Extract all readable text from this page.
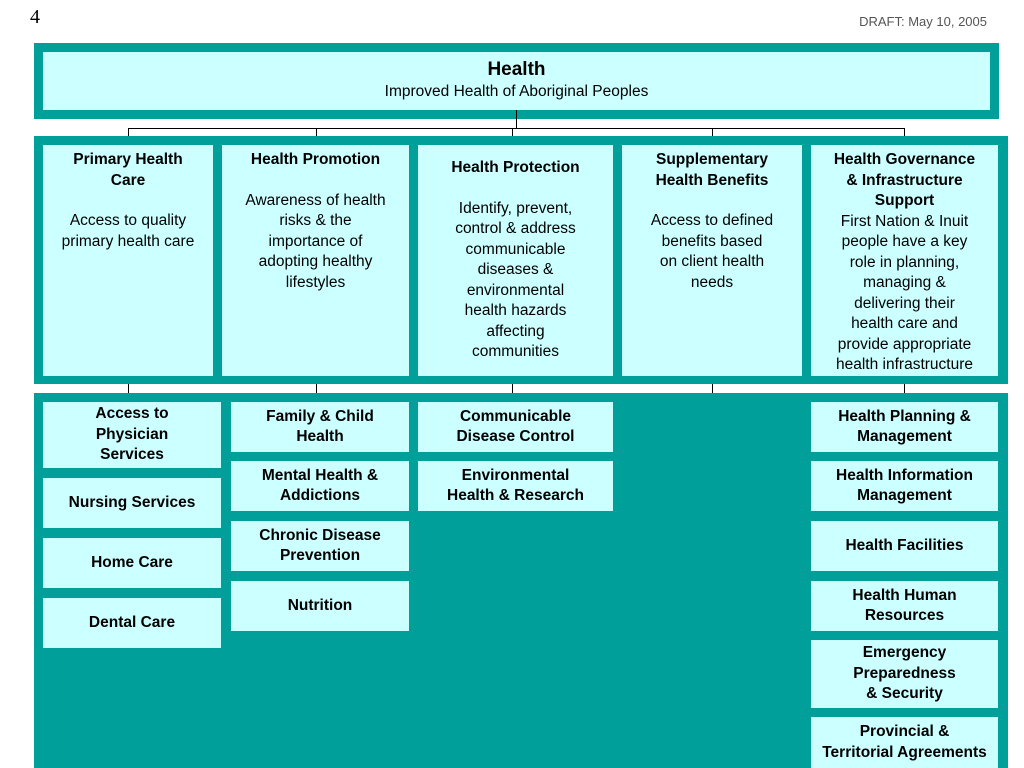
4	DRAFT: May 10, 2005
Health
Improved Health of Aboriginal Peoples
Primary Health
Care
Access to quality
primary health care
Health Promotion
Awareness of health
risks & the
importance of
adopting healthy
lifestyles
Health Protection
Identify, prevent,
control & address
communicable
diseases &
environmental
health hazards
affecting
communities
Supplementary
Health Benefits
Access to defined
benefits based
on client health
needs
Health Governance
& Infrastructure
Support
First Nation & Inuit
people have a key
role in planning,
managing &
delivering their
health care and
provide appropriate
health infrastructure
Access to
Physician
Services
Nursing Services
Home Care
Dental Care
Family & Child
Health
Mental Health &
Addictions
Chronic Disease
Prevention
Nutrition
Communicable
Disease Control
Environmental
Health & Research
Health Planning &
Management
Health Information
Management
Health Facilities
Health Human
Resources
Emergency
Preparedness
& Security
Provincial &
Territorial Agreements
